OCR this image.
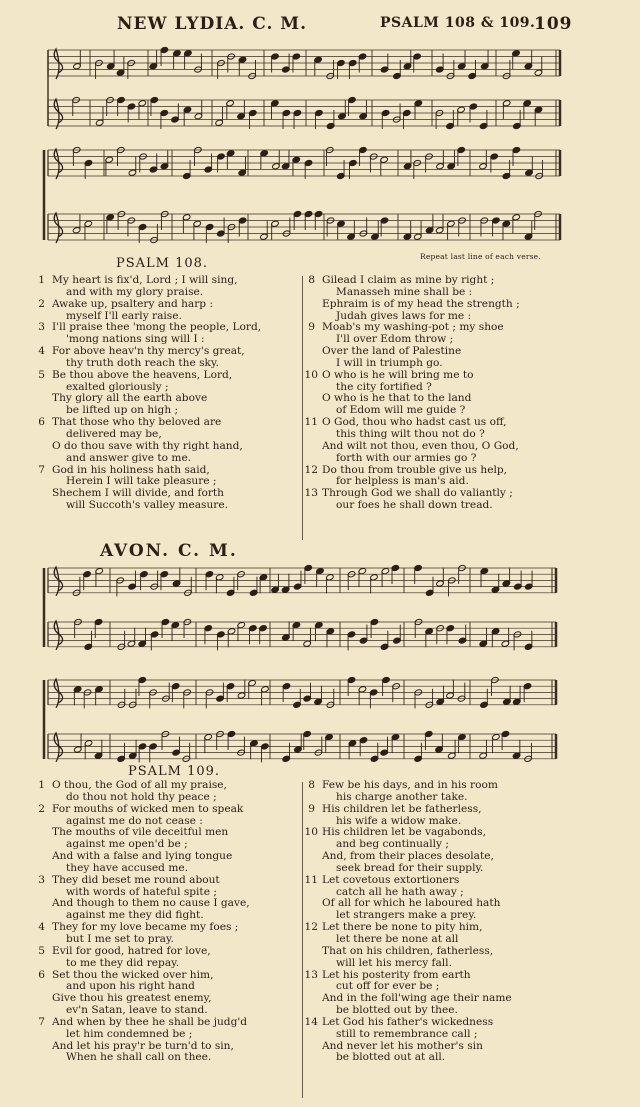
NEW LYDIA. C. M.	PSALM 108 & 109.
109
Repeat last line of each verse.
PSALM 108.
1 My heart is fix'd, Lord ; I will sing,
and with my glory praise.
2 Awake up, psaltery and harp :
myself I'll early raise.
3 I'll praise thee 'mong the people, Lord,
'mong nations sing will I :
4 For above heav'n thy mercy's great,
thy truth doth reach the sky.
5 Be thou above the heavens, Lord,
exalted gloriously ;
Thy glory all the earth above
be lifted up on high ;
6 That those who thy beloved are
delivered may be,
O do thou save with thy right hand,
and answer give to me.
7 God in his holiness hath said,
Herein I will take pleasure ;
Shechem I will divide, and forth
will Succoth's valley measure.
8 Gilead I claim as mine by right ;
Manasseh mine shall be :
Ephraim is of my head the strength ;
Judah gives laws for me :
9 Moab's my washing-pot ; my shoe
I'll over Edom throw ;
Over the land of Palestine
I will in triumph go.
10 O who is he will bring me to
the city fortified ?
O who is he that to the land
of Edom will me guide ?
11 O God, thou who hadst cast us off,
this thing wilt thou not do ?
And wilt not thou, even thou, O God,
forth with our armies go ?
12 Do thou from trouble give us help,
for helpless is man's aid.
13 Through God we shall do valiantly ;
our foes he shall down tread.
AVON. C. M.
PSALM 109.
1 O thou, the God of all my praise,
do thou not hold thy peace ;
2 For mouths of wicked men to speak
against me do not cease :
The mouths of vile deceitful men
against me open'd be ;
And with a false and lying tongue
they have accused me.
3 They did beset me round about
with words of hateful spite ;
And though to them no cause I gave,
against me they did fight.
4 They for my love became my foes ;
but I me set to pray.
5 Evil for good, hatred for love,
to me they did repay.
6 Set thou the wicked over him,
and upon his right hand
Give thou his greatest enemy,
ev'n Satan, leave to stand.
7 And when by thee he shall be judg'd
let him condemned be ;
And let his pray'r be turn'd to sin,
When he shall call on thee.
8 Few be his days, and in his room
his charge another take.
9 His children let be fatherless,
his wife a widow make.
10 His children let be vagabonds,
and beg continually ;
And, from their places desolate,
seek bread for their supply.
11 Let covetous extortioners
catch all he hath away ;
Of all for which he laboured hath
let strangers make a prey.
12 Let there be none to pity him,
let there be none at all
That on his children, fatherless,
will let his mercy fall.
13 Let his posterity from earth
cut off for ever be ;
And in the foll'wing age their name
be blotted out by thee.
14 Let God his father's wickedness
still to remembrance call ;
And never let his mother's sin
be blotted out at all.
